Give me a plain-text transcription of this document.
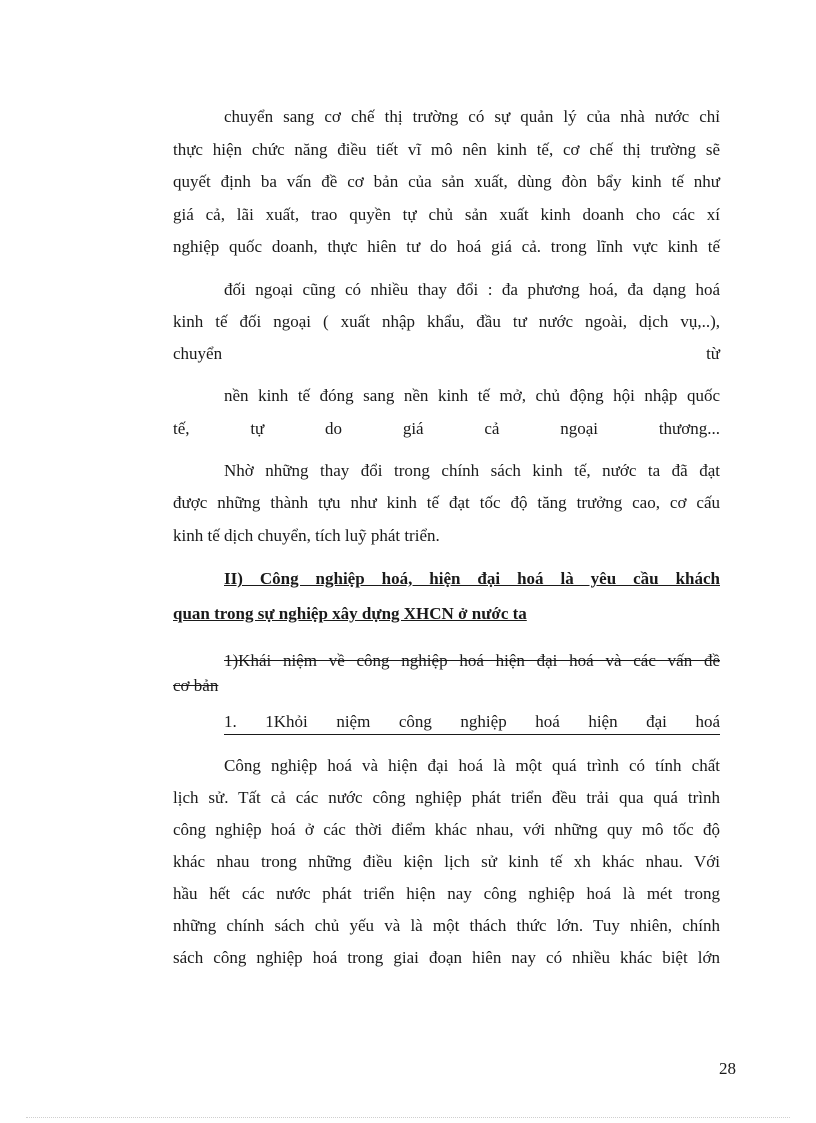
chuyển sang cơ chế thị trường có sự quản lý của nhà nước chỉ
thực hiện chức năng điều tiết vĩ mô nên kinh tế, cơ chế thị trường sẽ
quyết định ba vấn đề cơ bản của sản xuất, dùng đòn bẩy kinh tế như
giá cả, lãi xuất, trao quyền tự chủ sản xuất kinh doanh cho các xí
nghiệp quốc doanh, thực hiên tư do hoá giá cả. trong lĩnh vực kinh tế
đối ngoại cũng có nhiều thay đổi : đa phương hoá, đa dạng hoá
kinh tế đối ngoại ( xuất nhập khẩu, đầu tư nước ngoài, dịch vụ,..),
chuyển	từ
nền kinh tế đóng sang nền kinh tế mở, chủ động hội nhập quốc
tế,	tự	do	giá	cả	ngoại	thương...
Nhờ những thay đổi trong chính sách kinh tế, nước ta đã đạt
được những thành tựu như kinh tế đạt tốc độ tăng trưởng cao, cơ cấu
kinh tế dịch chuyển, tích luỹ phát triển.
II) Công nghiệp hoá, hiện đại hoá là yêu cầu khách
quan trong sự nghiệp xây dựng XHCN ở nước ta
1)Khái niệm về công nghiệp hoá hiện đại hoá và các vấn đề
cơ bản
1. 1Khỏi niệm công nghiệp hoá hiện đại hoá
Công nghiệp hoá và hiện đại hoá là một quá trình có tính chất
lịch sử. Tất cả các nước công nghiệp phát triển đều trải qua quá trình
công nghiệp hoá ở các thời điểm khác nhau, với những quy mô tốc độ
khác nhau trong những điều kiện lịch sử kinh tế xh khác nhau. Với
hầu hết các nước phát triển hiện nay công nghiệp hoá là mét trong
những chính sách chủ yếu và là một thách thức lớn. Tuy nhiên, chính
sách công nghiệp hoá trong giai đoạn hiên nay có nhiều khác biệt lớn
28
